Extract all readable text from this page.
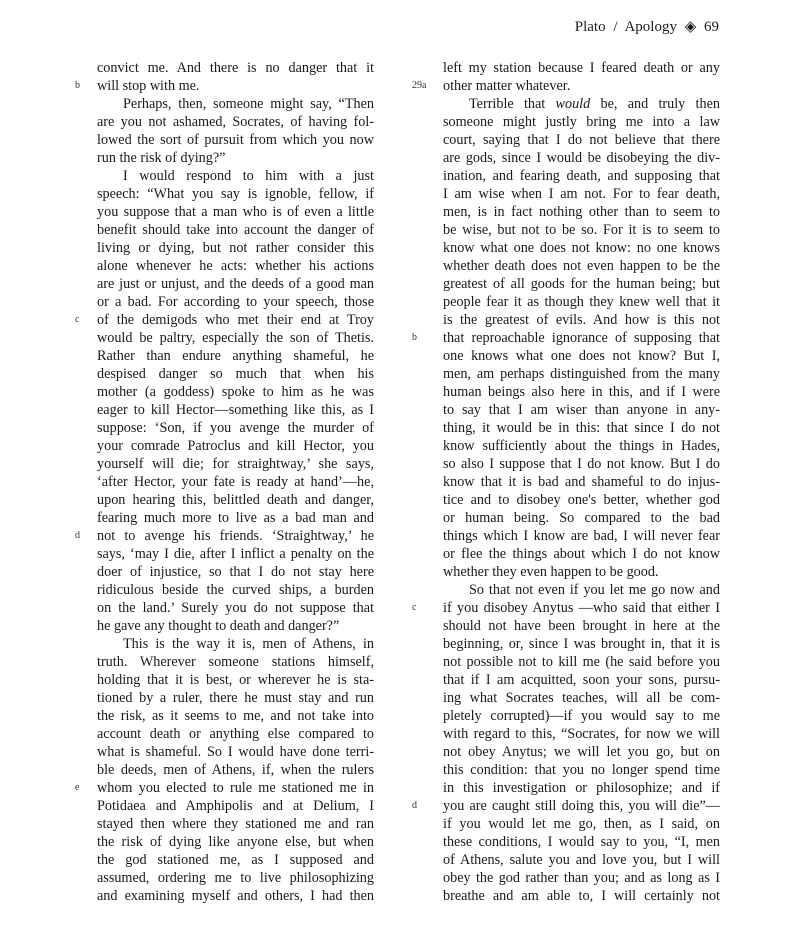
Plato / Apology ◈ 69
convict me. And there is no danger that it
b will stop with me.
Perhaps, then, someone might say, “Then
are you not ashamed, Socrates, of having fol-
lowed the sort of pursuit from which you now
run the risk of dying?”
I would respond to him with a just
speech: “What you say is ignoble, fellow, if
you suppose that a man who is of even a little
benefit should take into account the danger of
living or dying, but not rather consider this
alone whenever he acts: whether his actions
are just or unjust, and the deeds of a good man
or a bad. For according to your speech, those
c of the demigods who met their end at Troy
would be paltry, especially the son of Thetis.
Rather than endure anything shameful, he
despised danger so much that when his
mother (a goddess) spoke to him as he was
eager to kill Hector—something like this, as I
suppose: ‘Son, if you avenge the murder of
your comrade Patroclus and kill Hector, you
yourself will die; for straightway,’ she says,
‘after Hector, your fate is ready at hand’—he,
upon hearing this, belittled death and danger,
fearing much more to live as a bad man and
d not to avenge his friends. ‘Straightway,’ he
says, ‘may I die, after I inflict a penalty on the
doer of injustice, so that I do not stay here
ridiculous beside the curved ships, a burden
on the land.’ Surely you do not suppose that
he gave any thought to death and danger?”
This is the way it is, men of Athens, in
truth. Wherever someone stations himself,
holding that it is best, or wherever he is sta-
tioned by a ruler, there he must stay and run
the risk, as it seems to me, and not take into
account death or anything else compared to
what is shameful. So I would have done terri-
ble deeds, men of Athens, if, when the rulers
e whom you elected to rule me stationed me in
Potidaea and Amphipolis and at Delium, I
stayed then where they stationed me and ran
the risk of dying like anyone else, but when
the god stationed me, as I supposed and
assumed, ordering me to live philosophizing
and examining myself and others, I had then
left my station because I feared death or any
29a other matter whatever.
Terrible that would be, and truly then
someone might justly bring me into a law
court, saying that I do not believe that there
are gods, since I would be disobeying the div-
ination, and fearing death, and supposing that
I am wise when I am not. For to fear death,
men, is in fact nothing other than to seem to
be wise, but not to be so. For it is to seem to
know what one does not know: no one knows
whether death does not even happen to be the
greatest of all goods for the human being; but
people fear it as though they knew well that it
is the greatest of evils. And how is this not
b that reproachable ignorance of supposing that
one knows what one does not know? But I,
men, am perhaps distinguished from the many
human beings also here in this, and if I were
to say that I am wiser than anyone in any-
thing, it would be in this: that since I do not
know sufficiently about the things in Hades,
so also I suppose that I do not know. But I do
know that it is bad and shameful to do injus-
tice and to disobey one's better, whether god
or human being. So compared to the bad
things which I know are bad, I will never fear
or flee the things about which I do not know
whether they even happen to be good.
So that not even if you let me go now and
c if you disobey Anytus —who said that either I
should not have been brought in here at the
beginning, or, since I was brought in, that it is
not possible not to kill me (he said before you
that if I am acquitted, soon your sons, pursu-
ing what Socrates teaches, will all be com-
pletely corrupted)—if you would say to me
with regard to this, “Socrates, for now we will
not obey Anytus; we will let you go, but on
this condition: that you no longer spend time
in this investigation or philosophize; and if
d you are caught still doing this, you will die”—
if you would let me go, then, as I said, on
these conditions, I would say to you, “I, men
of Athens, salute you and love you, but I will
obey the god rather than you; and as long as I
breathe and am able to, I will certainly not
